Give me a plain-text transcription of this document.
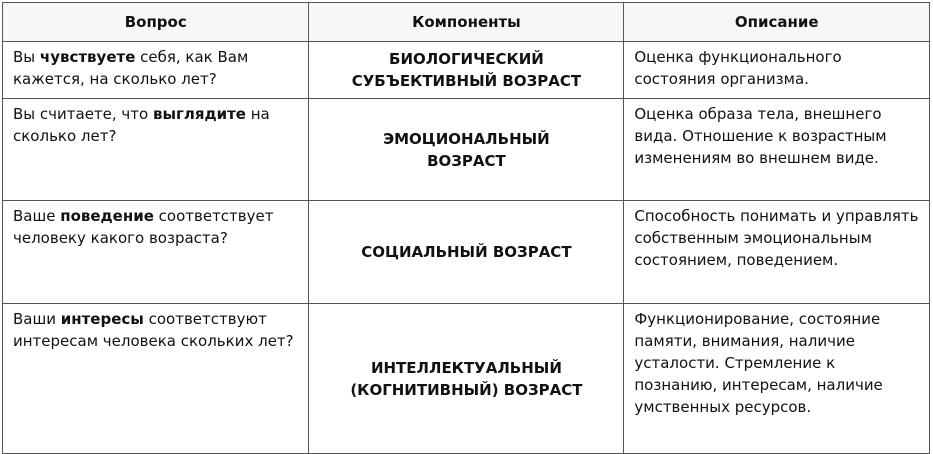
Вопрос	Компоненты	Описание
Вы чувствуете себя, как Вам кажется, на сколько лет?	БИОЛОГИЧЕСКИЙ СУБЪЕКТИВНЫЙ ВОЗРАСТ	Оценка функционального состояния организма.
Вы считаете, что выглядите на сколько лет?	ЭМОЦИОНАЛЬНЫЙ ВОЗРАСТ	Оценка образа тела, внешнего вида. Отношение к возрастным изменениям во внешнем виде.
Ваше поведение соответствует человеку какого возраста?	СОЦИАЛЬНЫЙ ВОЗРАСТ	Способность понимать и управлять собственным эмоциональным состоянием, поведением.
Ваши интересы соответствуют интересам человека скольких лет?	ИНТЕЛЛЕКТУАЛЬНЫЙ (КОГНИТИВНЫЙ) ВОЗРАСТ	Функционирование, состояние памяти, внимания, наличие усталости. Стремление к познанию, интересам, наличие умственных ресурсов.
